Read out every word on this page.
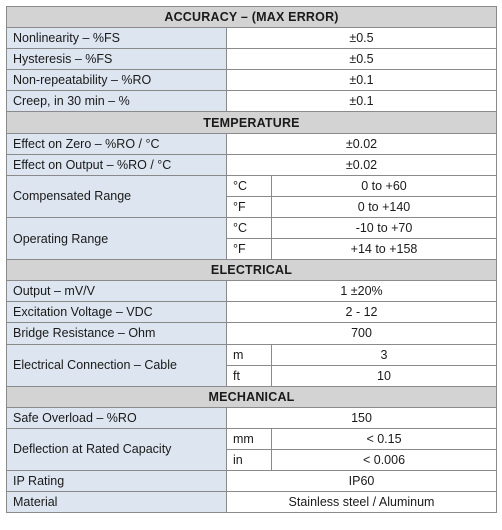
ACCURACY – (MAX ERROR)		
Nonlinearity – %FS	±0.5	
Hysteresis – %FS	±0.5	
Non-repeatability – %RO	±0.1	
Creep, in 30 min – %	±0.1	
TEMPERATURE		
Effect on Zero – %RO / °C	±0.02	
Effect on Output – %RO / °C	±0.02	
Compensated Range	°C	0 to +60
	°F	0 to +140
Operating Range	°C	-10 to +70
	°F	+14 to +158
ELECTRICAL		
Output – mV/V	1 ±20%	
Excitation Voltage – VDC	2 - 12	
Bridge Resistance – Ohm	700	
Electrical Connection – Cable	m	3
	ft	10
MECHANICAL		
Safe Overload – %RO	150	
Deflection at Rated Capacity	mm	< 0.15
	in	< 0.006
IP Rating	IP60	
Material	Stainless steel / Aluminum	
